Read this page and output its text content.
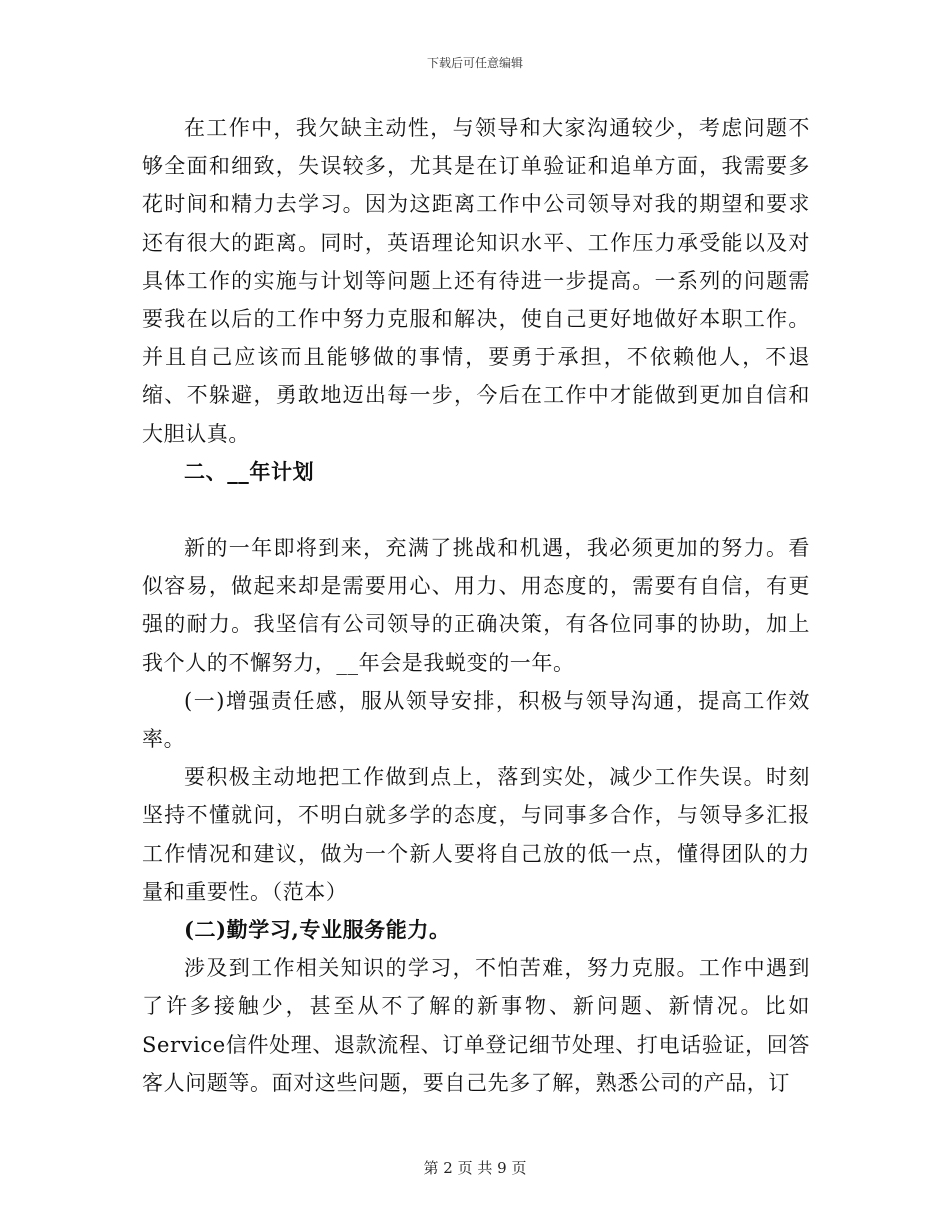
下载后可任意编辑

在工作中，我欠缺主动性，与领导和大家沟通较少，考虑问题不够全面和细致，失误较多，尤其是在订单验证和追单方面，我需要多花时间和精力去学习。因为这距离工作中公司领导对我的期望和要求还有很大的距离。同时，英语理论知识水平、工作压力承受能以及对具体工作的实施与计划等问题上还有待进一步提高。一系列的问题需要我在以后的工作中努力克服和解决，使自己更好地做好本职工作。并且自己应该而且能够做的事情，要勇于承担，不依赖他人，不退缩、不躲避，勇敢地迈出每一步，今后在工作中才能做到更加自信和大胆认真。

二、__年计划

新的一年即将到来，充满了挑战和机遇，我必须更加的努力。看似容易，做起来却是需要用心、用力、用态度的，需要有自信，有更强的耐力。我坚信有公司领导的正确决策，有各位同事的协助，加上我个人的不懈努力，__年会是我蜕变的一年。

(一)增强责任感，服从领导安排，积极与领导沟通，提高工作效率。

要积极主动地把工作做到点上，落到实处，减少工作失误。时刻坚持不懂就问，不明白就多学的态度，与同事多合作，与领导多汇报工作情况和建议，做为一个新人要将自己放的低一点，懂得团队的力量和重要性。（范本）

(二)勤学习,专业服务能力。

涉及到工作相关知识的学习，不怕苦难，努力克服。工作中遇到了许多接触少，甚至从不了解的新事物、新问题、新情况。比如Service信件处理、退款流程、订单登记细节处理、打电话验证，回答客人问题等。面对这些问题，要自己先多了解，熟悉公司的产品，订

第 2 页 共 9 页
